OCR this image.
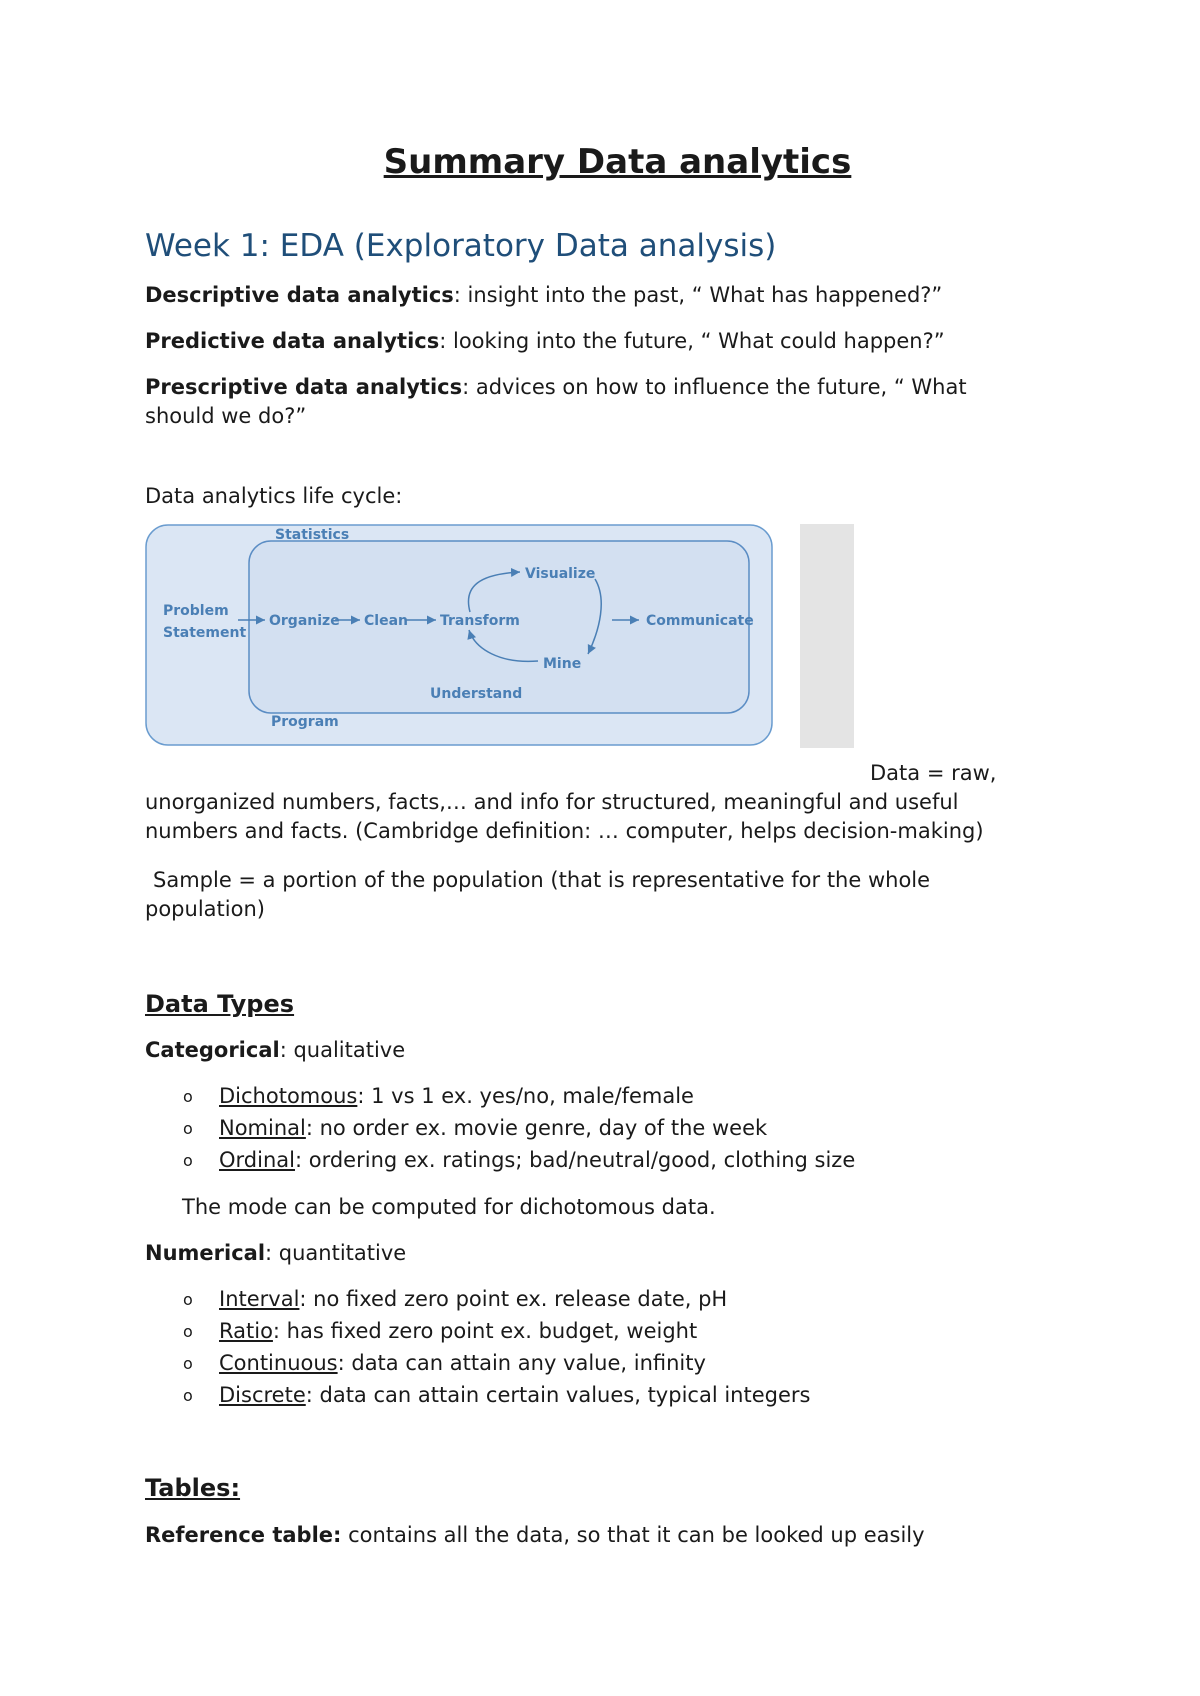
Summary Data analytics
Week 1: EDA (Exploratory Data analysis)

Descriptive data analytics: insight into the past, “ What has happened?”

Predictive data analytics: looking into the future, “ What could happen?”

Prescriptive data analytics: advices on how to influence the future, “ What should we do?”

Data analytics life cycle:

Statistics
Problem
Statement
Organize Clean Transform
Visualize
Mine
Communicate
Understand
Program

Data = raw, unorganized numbers, facts,… and info for structured, meaningful and useful numbers and facts. (Cambridge definition: … computer, helps decision-making)

Sample = a portion of the population (that is representative for the whole population)

Data Types

Categorical: qualitative

o Dichotomous: 1 vs 1 ex. yes/no, male/female
o Nominal: no order ex. movie genre, day of the week
o Ordinal: ordering ex. ratings; bad/neutral/good, clothing size

The mode can be computed for dichotomous data.

Numerical: quantitative

o Interval: no fixed zero point ex. release date, pH
o Ratio: has fixed zero point ex. budget, weight
o Continuous: data can attain any value, infinity
o Discrete: data can attain certain values, typical integers
Tables:

Reference table: contains all the data, so that it can be looked up easily
